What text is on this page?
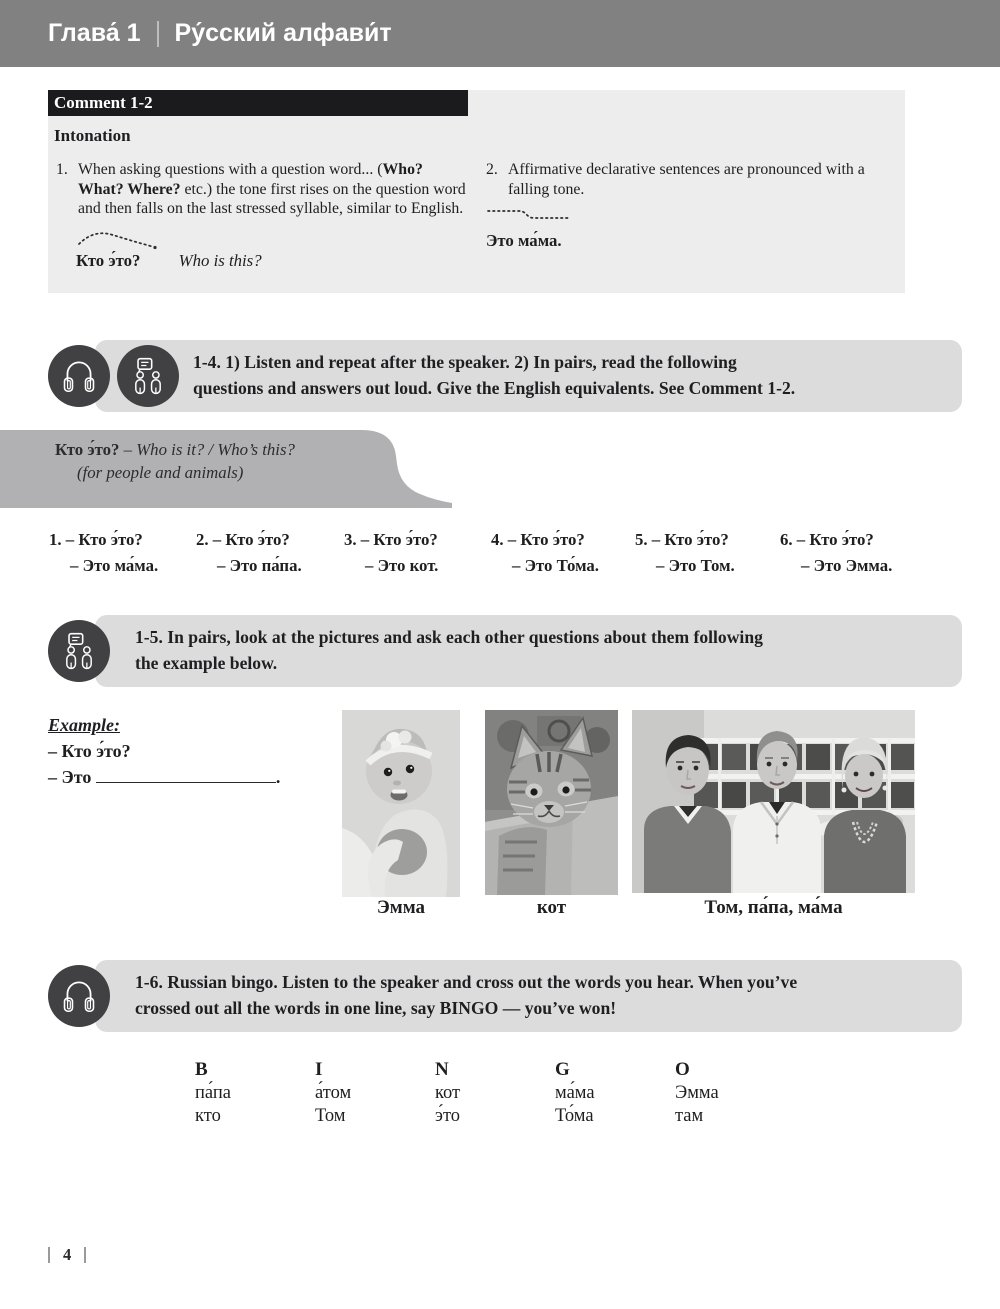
Глава́ 1 Ру́сский алфави́т
Comment 1-2
Intonation
1. When asking questions with a question word... (Who? What? Where? etc.) the tone first rises on the question word and then falls on the last stressed syllable, similar to English.
Кто э́то? Who is this?
2. Affirmative declarative sentences are pronounced with a falling tone.
Это ма́ма.
1-4. 1) Listen and repeat after the speaker. 2) In pairs, read the following
questions and answers out loud. Give the English equivalents. See Comment 1-2.
Кто э́то? – Who is it? / Who’s this?
(for people and animals)
1. – Кто э́то?
– Это ма́ма.
2. – Кто э́то?
– Это па́па.
3. – Кто э́то?
– Это кот.
4. – Кто э́то?
– Это То́ма.
5. – Кто э́то?
– Это Том.
6. – Кто э́то?
– Это Эмма.
1-5. In pairs, look at the pictures and ask each other questions about them following
the example below.
Example:
– Кто э́то?
– Это	.
Эмма	кот	Том, па́па, ма́ма
1-6. Russian bingo. Listen to the speaker and cross out the words you hear. When you’ve
crossed out all the words in one line, say BINGO — you’ve won!
B	I	N	G	O
па́па	а́том	кот	ма́ма	Эмма
кто	Том	э́то	То́ма	там
4
